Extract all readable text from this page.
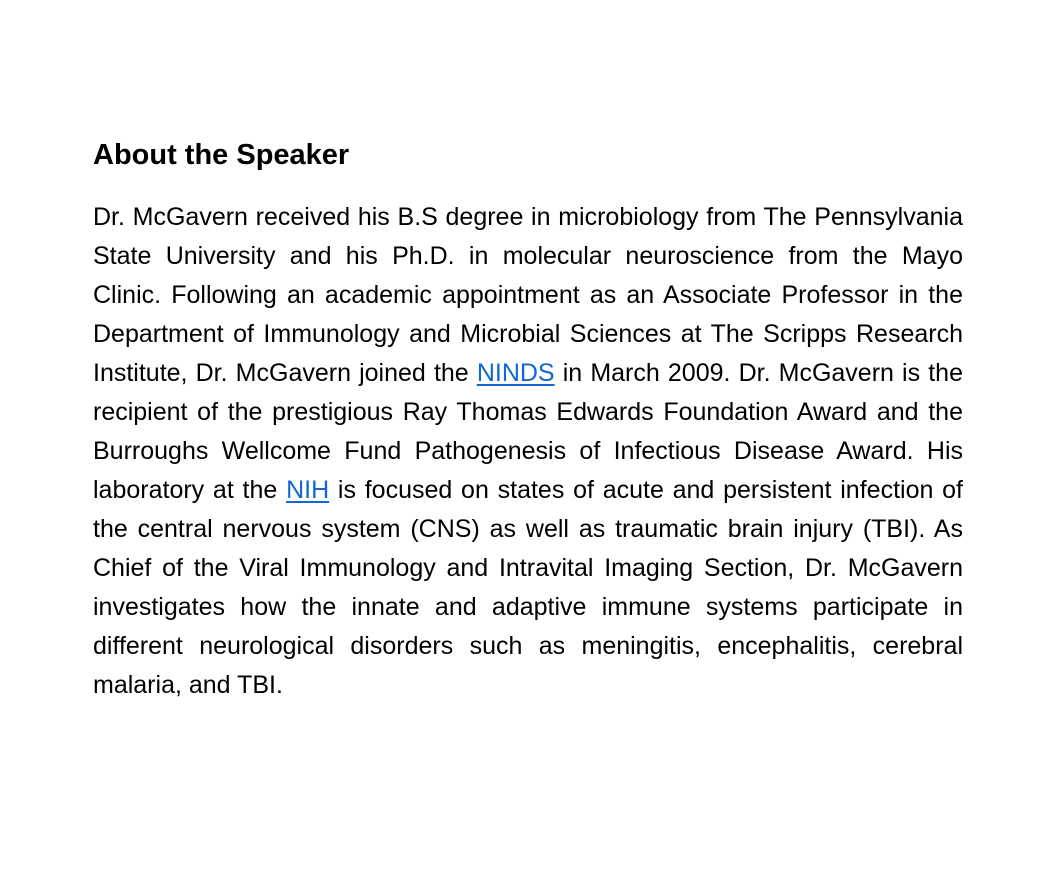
About the Speaker

Dr. McGavern received his B.S degree in microbiology from The Pennsylvania State University and his Ph.D. in molecular neuroscience from the Mayo Clinic. Following an academic appointment as an Associate Professor in the Department of Immunology and Microbial Sciences at The Scripps Research Institute, Dr. McGavern joined the NINDS in March 2009. Dr. McGavern is the recipient of the prestigious Ray Thomas Edwards Foundation Award and the Burroughs Wellcome Fund Pathogenesis of Infectious Disease Award. His laboratory at the NIH is focused on states of acute and persistent infection of the central nervous system (CNS) as well as traumatic brain injury (TBI). As Chief of the Viral Immunology and Intravital Imaging Section, Dr. McGavern investigates how the innate and adaptive immune systems participate in different neurological disorders such as meningitis, encephalitis, cerebral malaria, and TBI.
